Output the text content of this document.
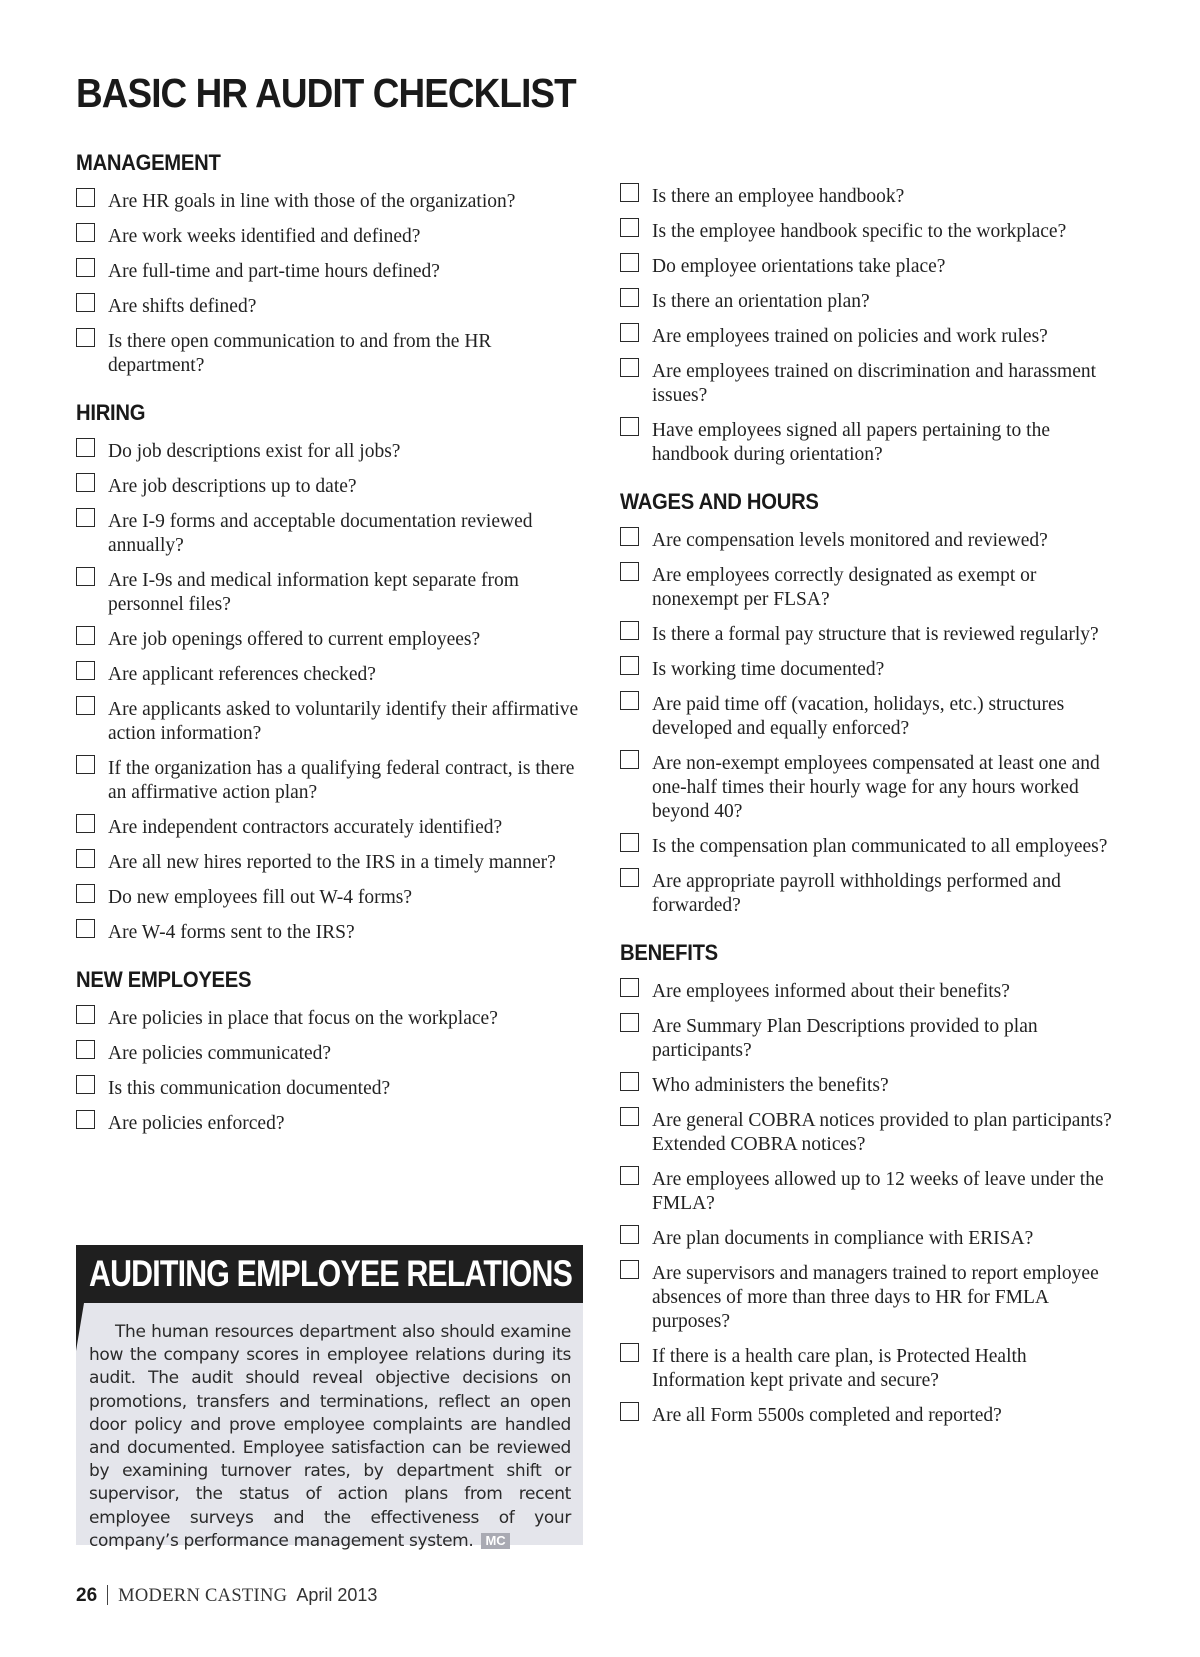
BASIC HR AUDIT CHECKLIST
MANAGEMENT
Are HR goals in line with those of the organization?
Are work weeks identified and defined?
Are full-time and part-time hours defined?
Are shifts defined?
Is there open communication to and from the HR department?
HIRING
Do job descriptions exist for all jobs?
Are job descriptions up to date?
Are I-9 forms and acceptable documentation reviewed annually?
Are I-9s and medical information kept separate from personnel files?
Are job openings offered to current employees?
Are applicant references checked?
Are applicants asked to voluntarily identify their affirmative action information?
If the organization has a qualifying federal contract, is there an affirmative action plan?
Are independent contractors accurately identified?
Are all new hires reported to the IRS in a timely manner?
Do new employees fill out W-4 forms?
Are W-4 forms sent to the IRS?
NEW EMPLOYEES
Are policies in place that focus on the workplace?
Are policies communicated?
Is this communication documented?
Are policies enforced?
Is there an employee handbook?
Is the employee handbook specific to the workplace?
Do employee orientations take place?
Is there an orientation plan?
Are employees trained on policies and work rules?
Are employees trained on discrimination and harassment issues?
Have employees signed all papers pertaining to the handbook during orientation?
WAGES AND HOURS
Are compensation levels monitored and reviewed?
Are employees correctly designated as exempt or nonexempt per FLSA?
Is there a formal pay structure that is reviewed regularly?
Is working time documented?
Are paid time off (vacation, holidays, etc.) structures developed and equally enforced?
Are non-exempt employees compensated at least one and one-half times their hourly wage for any hours worked beyond 40?
Is the compensation plan communicated to all employees?
Are appropriate payroll withholdings performed and forwarded?
BENEFITS
Are employees informed about their benefits?
Are Summary Plan Descriptions provided to plan participants?
Who administers the benefits?
Are general COBRA notices provided to plan participants? Extended COBRA notices?
Are employees allowed up to 12 weeks of leave under the FMLA?
Are plan documents in compliance with ERISA?
Are supervisors and managers trained to report employee absences of more than three days to HR for FMLA purposes?
If there is a health care plan, is Protected Health Information kept private and secure?
Are all Form 5500s completed and reported?
AUDITING EMPLOYEE RELATIONS

The human resources department also should examine how the company scores in employee relations during its audit. The audit should reveal objective decisions on promotions, transfers and terminations, reflect an open door policy and prove employee complaints are handled and documented. Employee satisfaction can be reviewed by examining turnover rates, by department shift or supervisor, the status of action plans from recent employee surveys and the effectiveness of your company’s performance management system. MC

26 MODERN CASTING April 2013
